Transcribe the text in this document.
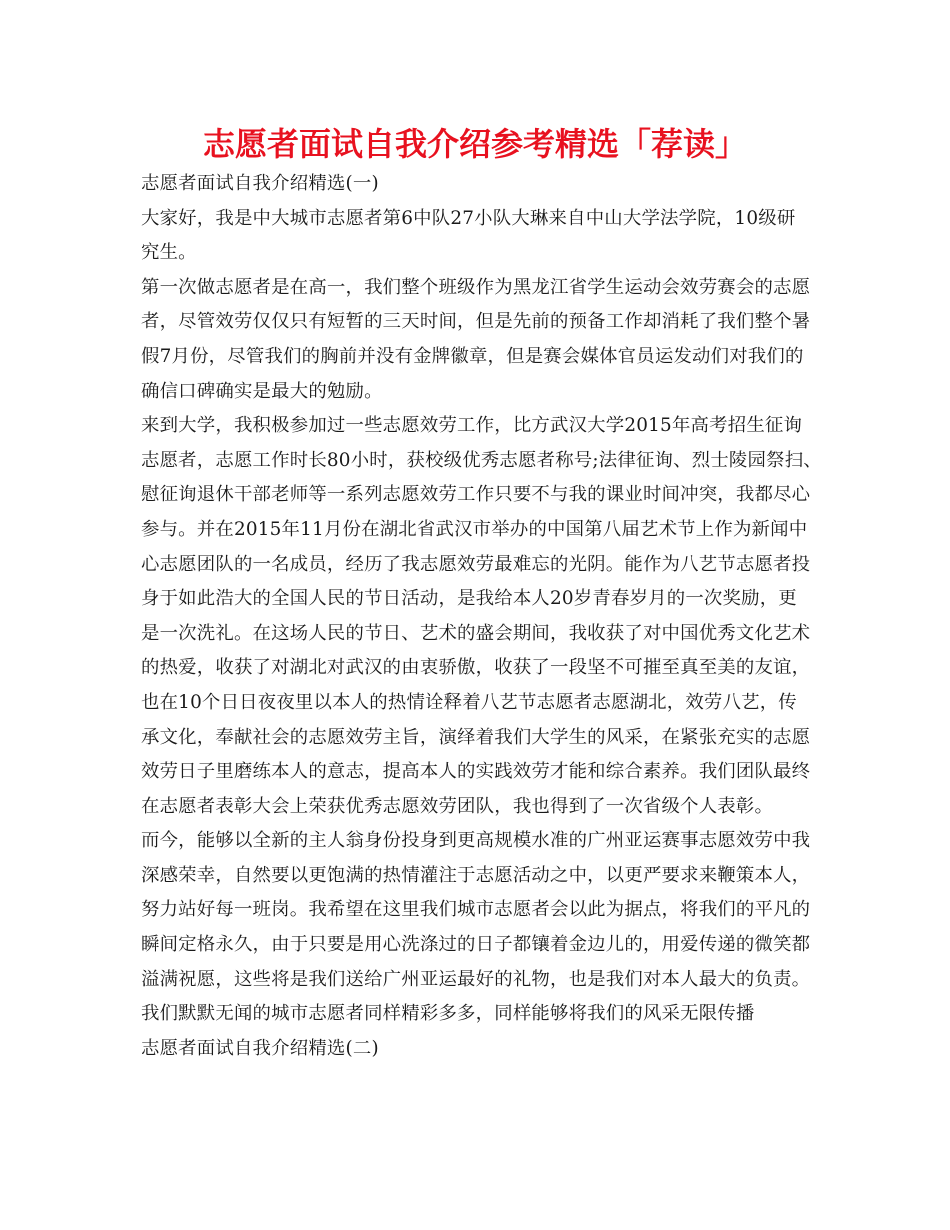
志愿者面试自我介绍参考精选「荐读」

志愿者面试自我介绍精选(一)

大家好，我是中大城市志愿者第6中队27小队大琳来自中山大学法学院，10级研
究生。

第一次做志愿者是在高一，我们整个班级作为黑龙江省学生运动会效劳赛会的志愿
者，尽管效劳仅仅只有短暂的三天时间，但是先前的预备工作却消耗了我们整个暑
假7月份，尽管我们的胸前并没有金牌徽章，但是赛会媒体官员运发动们对我们的
确信口碑确实是最大的勉励。

来到大学，我积极参加过一些志愿效劳工作，比方武汉大学2015年高考招生征询
志愿者，志愿工作时长80小时，获校级优秀志愿者称号;法律征询、烈士陵园祭扫、
慰征询退休干部老师等一系列志愿效劳工作只要不与我的课业时间冲突，我都尽心
参与。并在2015年11月份在湖北省武汉市举办的中国第八届艺术节上作为新闻中
心志愿团队的一名成员，经历了我志愿效劳最难忘的光阴。能作为八艺节志愿者投
身于如此浩大的全国人民的节日活动，是我给本人20岁青春岁月的一次奖励，更
是一次洗礼。在这场人民的节日、艺术的盛会期间，我收获了对中国优秀文化艺术
的热爱，收获了对湖北对武汉的由衷骄傲，收获了一段坚不可摧至真至美的友谊，
也在10个日日夜夜里以本人的热情诠释着八艺节志愿者志愿湖北，效劳八艺，传
承文化，奉献社会的志愿效劳主旨，演绎着我们大学生的风采，在紧张充实的志愿
效劳日子里磨练本人的意志，提高本人的实践效劳才能和综合素养。我们团队最终
在志愿者表彰大会上荣获优秀志愿效劳团队，我也得到了一次省级个人表彰。

而今，能够以全新的主人翁身份投身到更高规模水准的广州亚运赛事志愿效劳中我
深感荣幸，自然要以更饱满的热情灌注于志愿活动之中，以更严要求来鞭策本人，
努力站好每一班岗。我希望在这里我们城市志愿者会以此为据点，将我们的平凡的
瞬间定格永久，由于只要是用心洗涤过的日子都镶着金边儿的，用爱传递的微笑都
溢满祝愿，这些将是我们送给广州亚运最好的礼物，也是我们对本人最大的负责。

我们默默无闻的城市志愿者同样精彩多多，同样能够将我们的风采无限传播

志愿者面试自我介绍精选(二)
